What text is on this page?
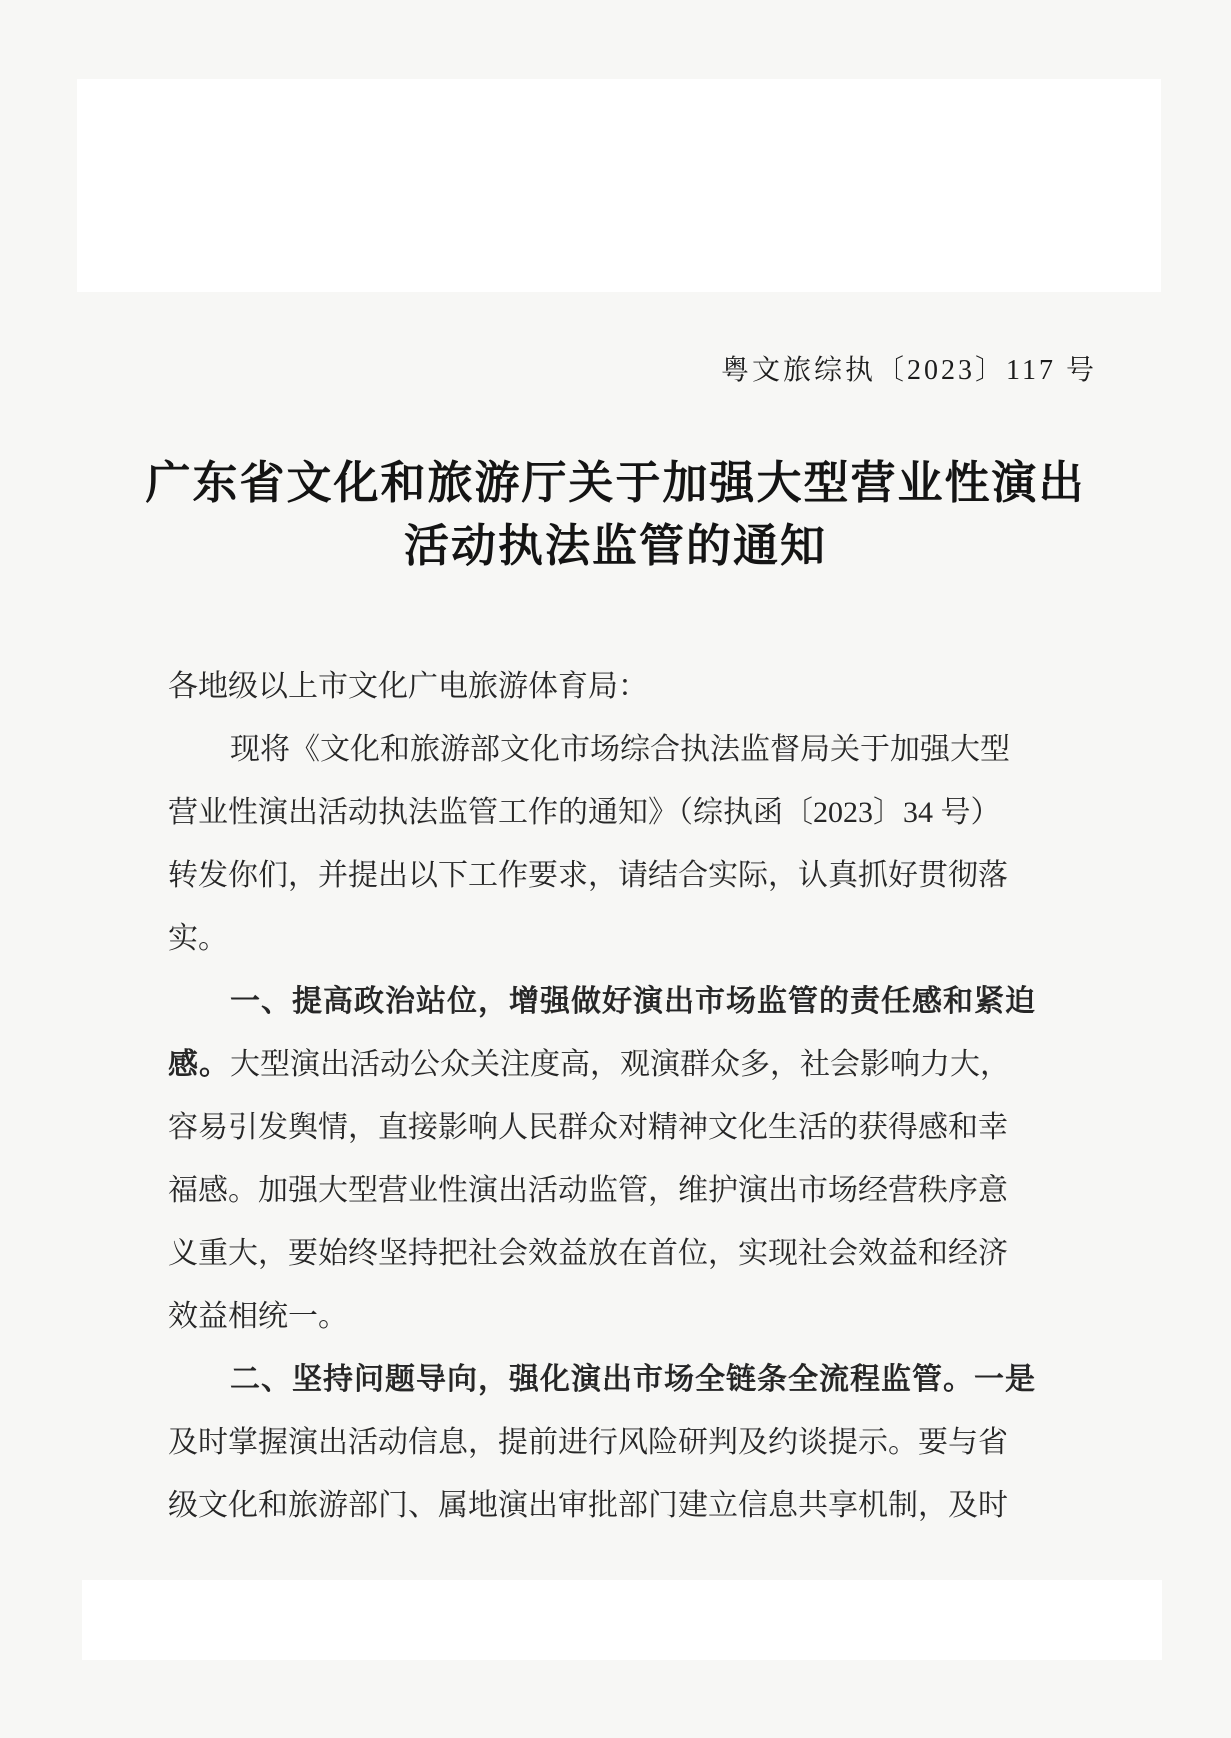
粤文旅综执〔2023〕117 号
广东省文化和旅游厅关于加强大型营业性演出
活动执法监管的通知
各地级以上市文化广电旅游体育局：
现将《文化和旅游部文化市场综合执法监督局关于加强大型
营业性演出活动执法监管工作的通知》（综执函〔2023〕34 号）
转发你们，并提出以下工作要求，请结合实际，认真抓好贯彻落
实。
一、提高政治站位，增强做好演出市场监管的责任感和紧迫
感。大型演出活动公众关注度高，观演群众多，社会影响力大，
容易引发舆情，直接影响人民群众对精神文化生活的获得感和幸
福感。加强大型营业性演出活动监管，维护演出市场经营秩序意
义重大，要始终坚持把社会效益放在首位，实现社会效益和经济
效益相统一。
二、坚持问题导向，强化演出市场全链条全流程监管。一是
及时掌握演出活动信息，提前进行风险研判及约谈提示。要与省
级文化和旅游部门、属地演出审批部门建立信息共享机制，及时
